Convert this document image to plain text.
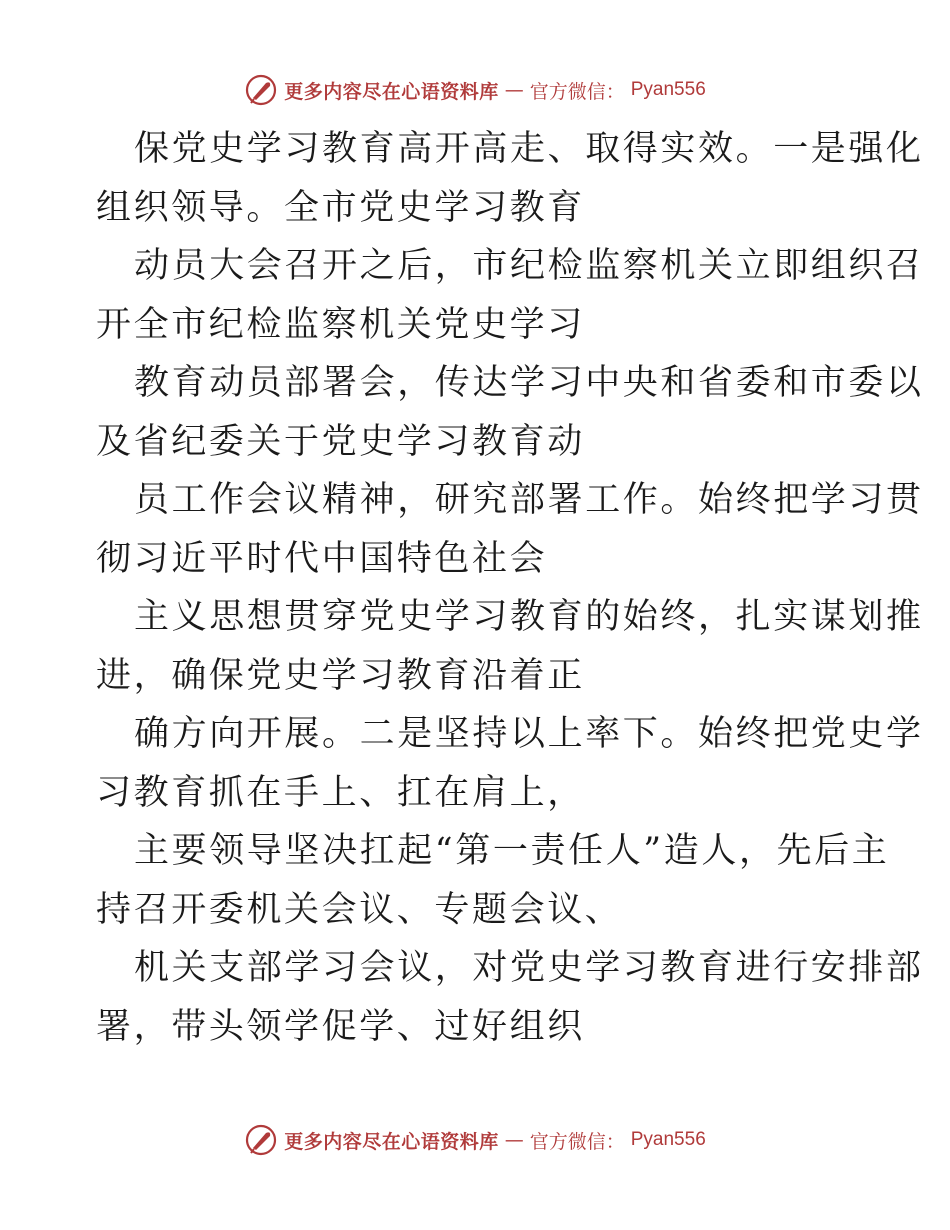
更多内容尽在心语资料库 — 官方微信： Pyan556
保党史学习教育高开高走、取得实效。一是强化
组织领导。全市党史学习教育
动员大会召开之后，市纪检监察机关立即组织召
开全市纪检监察机关党史学习
教育动员部署会，传达学习中央和省委和市委以
及省纪委关于党史学习教育动
员工作会议精神，研究部署工作。始终把学习贯
彻习近平时代中国特色社会
主义思想贯穿党史学习教育的始终，扎实谋划推
进，确保党史学习教育沿着正
确方向开展。二是坚持以上率下。始终把党史学
习教育抓在手上、扛在肩上，
主要领导坚决扛起“第一责任人”造人，先后主
持召开委机关会议、专题会议、
机关支部学习会议，对党史学习教育进行安排部
署，带头领学促学、过好组织
更多内容尽在心语资料库 — 官方微信： Pyan556
